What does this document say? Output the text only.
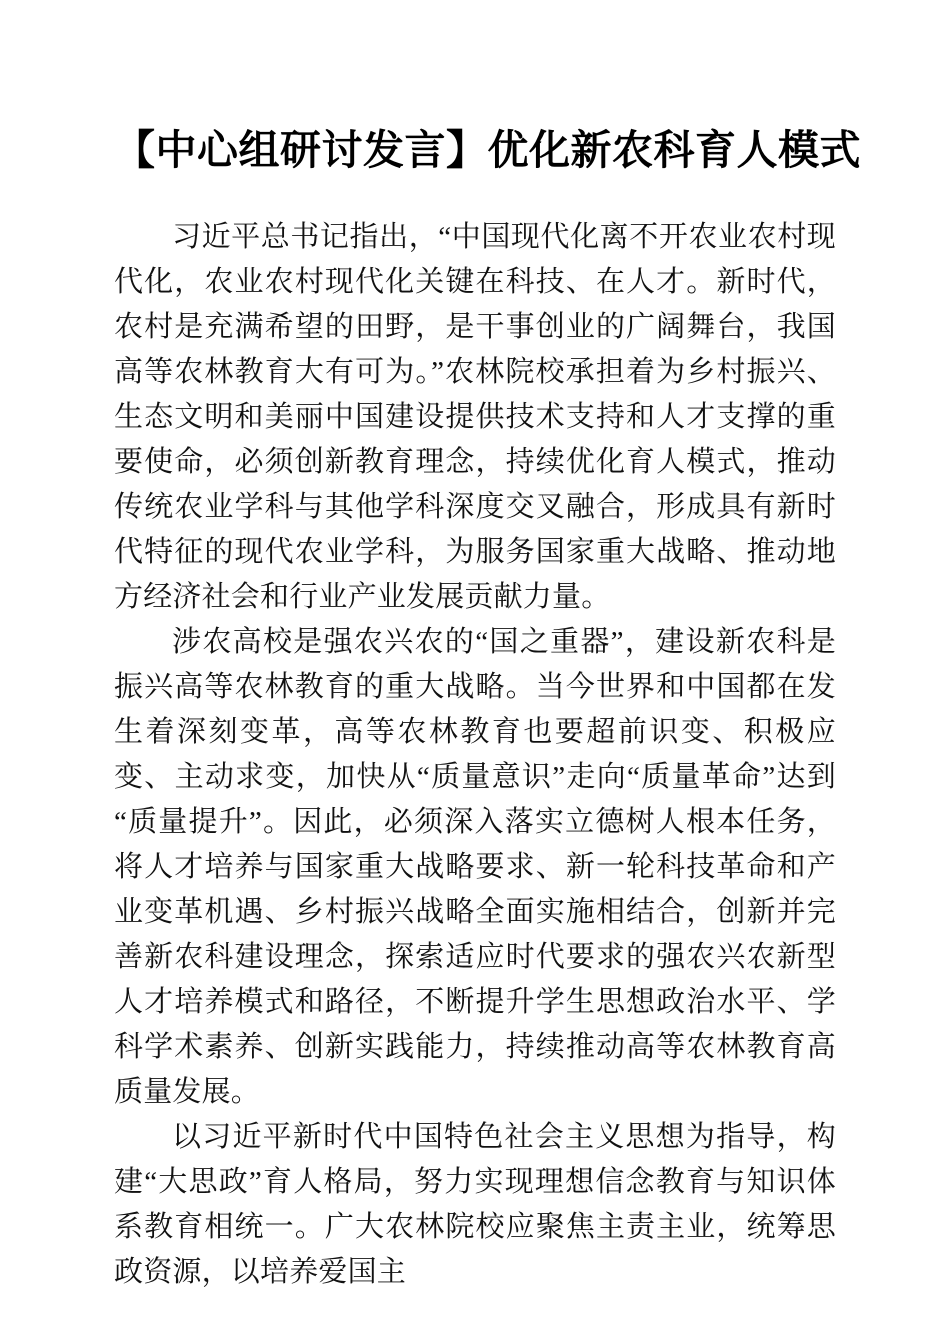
【中心组研讨发言】优化新农科育人模式

习近平总书记指出，“中国现代化离不开农业农村现代化，农业农村现代化关键在科技、在人才。新时代，农村是充满希望的田野，是干事创业的广阔舞台，我国高等农林教育大有可为。”农林院校承担着为乡村振兴、生态文明和美丽中国建设提供技术支持和人才支撑的重要使命，必须创新教育理念，持续优化育人模式，推动传统农业学科与其他学科深度交叉融合，形成具有新时代特征的现代农业学科，为服务国家重大战略、推动地方经济社会和行业产业发展贡献力量。

涉农高校是强农兴农的“国之重器”，建设新农科是振兴高等农林教育的重大战略。当今世界和中国都在发生着深刻变革，高等农林教育也要超前识变、积极应变、主动求变，加快从“质量意识”走向“质量革命”达到“质量提升”。因此，必须深入落实立德树人根本任务，将人才培养与国家重大战略要求、新一轮科技革命和产业变革机遇、乡村振兴战略全面实施相结合，创新并完善新农科建设理念，探索适应时代要求的强农兴农新型人才培养模式和路径，不断提升学生思想政治水平、学科学术素养、创新实践能力，持续推动高等农林教育高质量发展。

以习近平新时代中国特色社会主义思想为指导，构建“大思政”育人格局，努力实现理想信念教育与知识体系教育相统一。广大农林院校应聚焦主责主业，统筹思政资源，以培养爱国主
